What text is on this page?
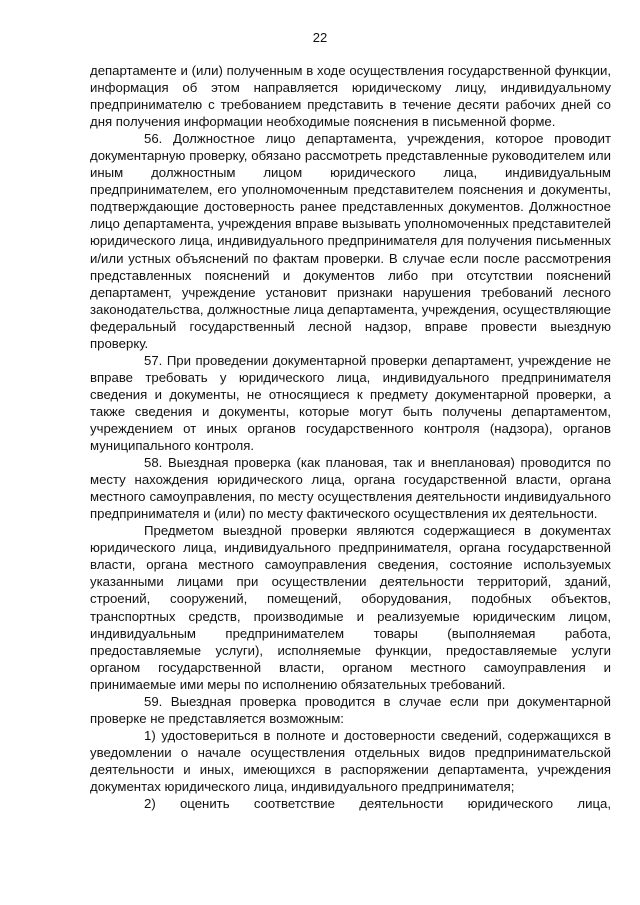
22

департаменте и (или) полученным в ходе осуществления государственной функции, информация об этом направляется юридическому лицу, индивидуальному предпринимателю с требованием представить в течение десяти рабочих дней со дня получения информации необходимые пояснения в письменной форме.

56. Должностное лицо департамента, учреждения, которое проводит документарную проверку, обязано рассмотреть представленные руководителем или иным должностным лицом юридического лица, индивидуальным предпринимателем, его уполномоченным представителем пояснения и документы, подтверждающие достоверность ранее представленных документов. Должностное лицо департамента, учреждения вправе вызывать уполномоченных представителей юридического лица, индивидуального предпринимателя для получения письменных и/или устных объяснений по фактам проверки. В случае если после рассмотрения представленных пояснений и документов либо при отсутствии пояснений департамент, учреждение установит признаки нарушения требований лесного законодательства, должностные лица департамента, учреждения, осуществляющие федеральный государственный лесной надзор, вправе провести выездную проверку.

57. При проведении документарной проверки департамент, учреждение не вправе требовать у юридического лица, индивидуального предпринимателя сведения и документы, не относящиеся к предмету документарной проверки, а также сведения и документы, которые могут быть получены департаментом, учреждением от иных органов государственного контроля (надзора), органов муниципального контроля.

58. Выездная проверка (как плановая, так и внеплановая) проводится по месту нахождения юридического лица, органа государственной власти, органа местного самоуправления, по месту осуществления деятельности индивидуального предпринимателя и (или) по месту фактического осуществления их деятельности.

Предметом выездной проверки являются содержащиеся в документах юридического лица, индивидуального предпринимателя, органа государственной власти, органа местного самоуправления сведения, состояние используемых указанными лицами при осуществлении деятельности территорий, зданий, строений, сооружений, помещений, оборудования, подобных объектов, транспортных средств, производимые и реализуемые юридическим лицом, индивидуальным предпринимателем товары (выполняемая работа, предоставляемые услуги), исполняемые функции, предоставляемые услуги органом государственной власти, органом местного самоуправления и принимаемые ими меры по исполнению обязательных требований.

59. Выездная проверка проводится в случае если при документарной проверке не представляется возможным:

1) удостовериться в полноте и достоверности сведений, содержащихся в уведомлении о начале осуществления отдельных видов предпринимательской деятельности и иных, имеющихся в распоряжении департамента, учреждения документах юридического лица, индивидуального предпринимателя;

2) оценить соответствие деятельности юридического лица,
